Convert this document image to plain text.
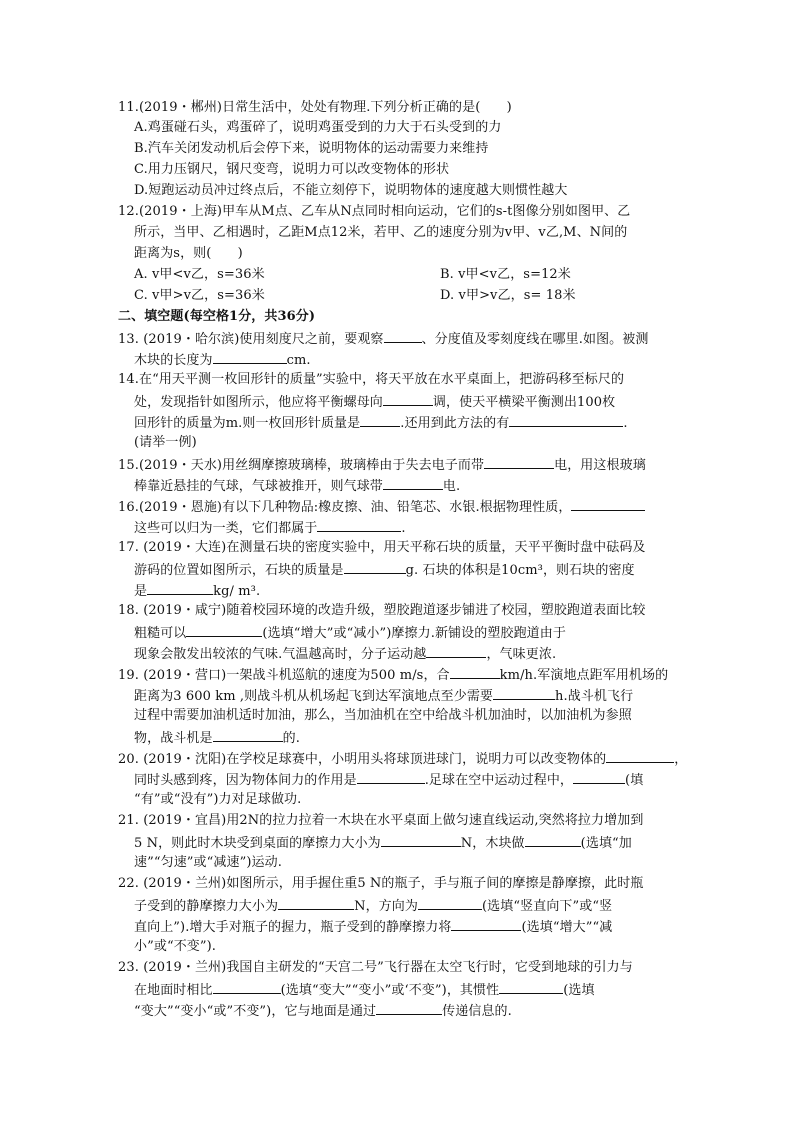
11.(2019・郴州)日常生活中，处处有物理.下列分析正确的是(　　)
A.鸡蛋碰石头，鸡蛋碎了，说明鸡蛋受到的力大于石头受到的力
B.汽车关闭发动机后会停下来，说明物体的运动需要力来维持
C.用力压钢尺，钢尺变弯，说明力可以改变物体的形状
D.短跑运动员冲过终点后，不能立刻停下，说明物体的速度越大则惯性越大
12.(2019・上海)甲车从M点、乙车从N点同时相向运动，它们的s-t图像分别如图甲、乙
所示，当甲、乙相遇时，乙距M点12米，若甲、乙的速度分别为v甲、v乙,M、N间的
距离为s，则(　　)
A. v甲<v乙，s=36米	B. v甲<v乙，s=12米
C. v甲>v乙，s=36米	D. v甲>v乙，s= 18米
二、填空题(每空格1分，共36分)
13. (2019・哈尔滨)使用刻度尺之前，要观察	、分度值及零刻度线在哪里.如图。被测
木块的长度为	cm.
14.在“用天平测一枚回形针的质量”实验中，将天平放在水平桌面上，把游码移至标尺的
处，发现指针如图所示，他应将平衡螺母向	调，使天平横梁平衡测出100枚
回形针的质量为m.则一枚回形针质量是	.还用到此方法的有	.
(请举一例)
15.(2019・天水)用丝绸摩擦玻璃棒，玻璃棒由于失去电子而带	电，用这根玻璃
棒靠近悬挂的气球，气球被推开，则气球带	电.
16.(2019・恩施)有以下几种物品:橡皮擦、油、铅笔芯、水银.根据物理性质，
这些可以归为一类，它们都属于	.
17. (2019・大连)在测量石块的密度实验中，用天平称石块的质量，天平平衡时盘中砝码及
游码的位置如图所示，石块的质量是	g. 石块的体积是10cm³，则石块的密度
是	kg/ m³.
18. (2019・咸宁)随着校园环境的改造升级，塑胶跑道逐步铺进了校园，塑胶跑道表面比较
粗糙可以	(选填“增大”或“减小”)摩擦力.新铺设的塑胶跑道由于
现象会散发出较浓的气味.气温越高时，分子运动越	，气味更浓.
19. (2019・营口)一架战斗机巡航的速度为500 m/s，合	km/h.军演地点距军用机场的
距离为3 600 km ,则战斗机从机场起飞到达军演地点至少需要	h.战斗机飞行
过程中需要加油机适时加油，那么，当加油机在空中给战斗机加油时，以加油机为参照
物，战斗机是	的.
20. (2019・沈阳)在学校足球赛中，小明用头将球顶进球门，说明力可以改变物体的	，
同时头感到疼，因为物体间力的作用是	.足球在空中运动过程中，	(填
“有”或“没有”)力对足球做功.
21. (2019・宜昌)用2N的拉力拉着一木块在水平桌面上做匀速直线运动,突然将拉力增加到
5 N，则此时木块受到桌面的摩擦力大小为	N，木块做	(选填“加
速”“匀速”或“减速”)运动.
22. (2019・兰州)如图所示，用手握住重5 N的瓶子，手与瓶子间的摩擦是静摩擦，此时瓶
子受到的静摩擦力大小为	N，方向为	(选填“竖直向下”或“竖
直向上”).增大手对瓶子的握力，瓶子受到的静摩擦力将	(选填“增大”“减
小”或“不变”).
23. (2019・兰州)我国自主研发的“天宫二号”飞行器在太空飞行时，它受到地球的引力与
在地面时相比	(选填“变大”“变小”或‘不变”)，其惯性	(选填
“变大”“变小“或”不变”)，它与地面是通过	传递信息的.
